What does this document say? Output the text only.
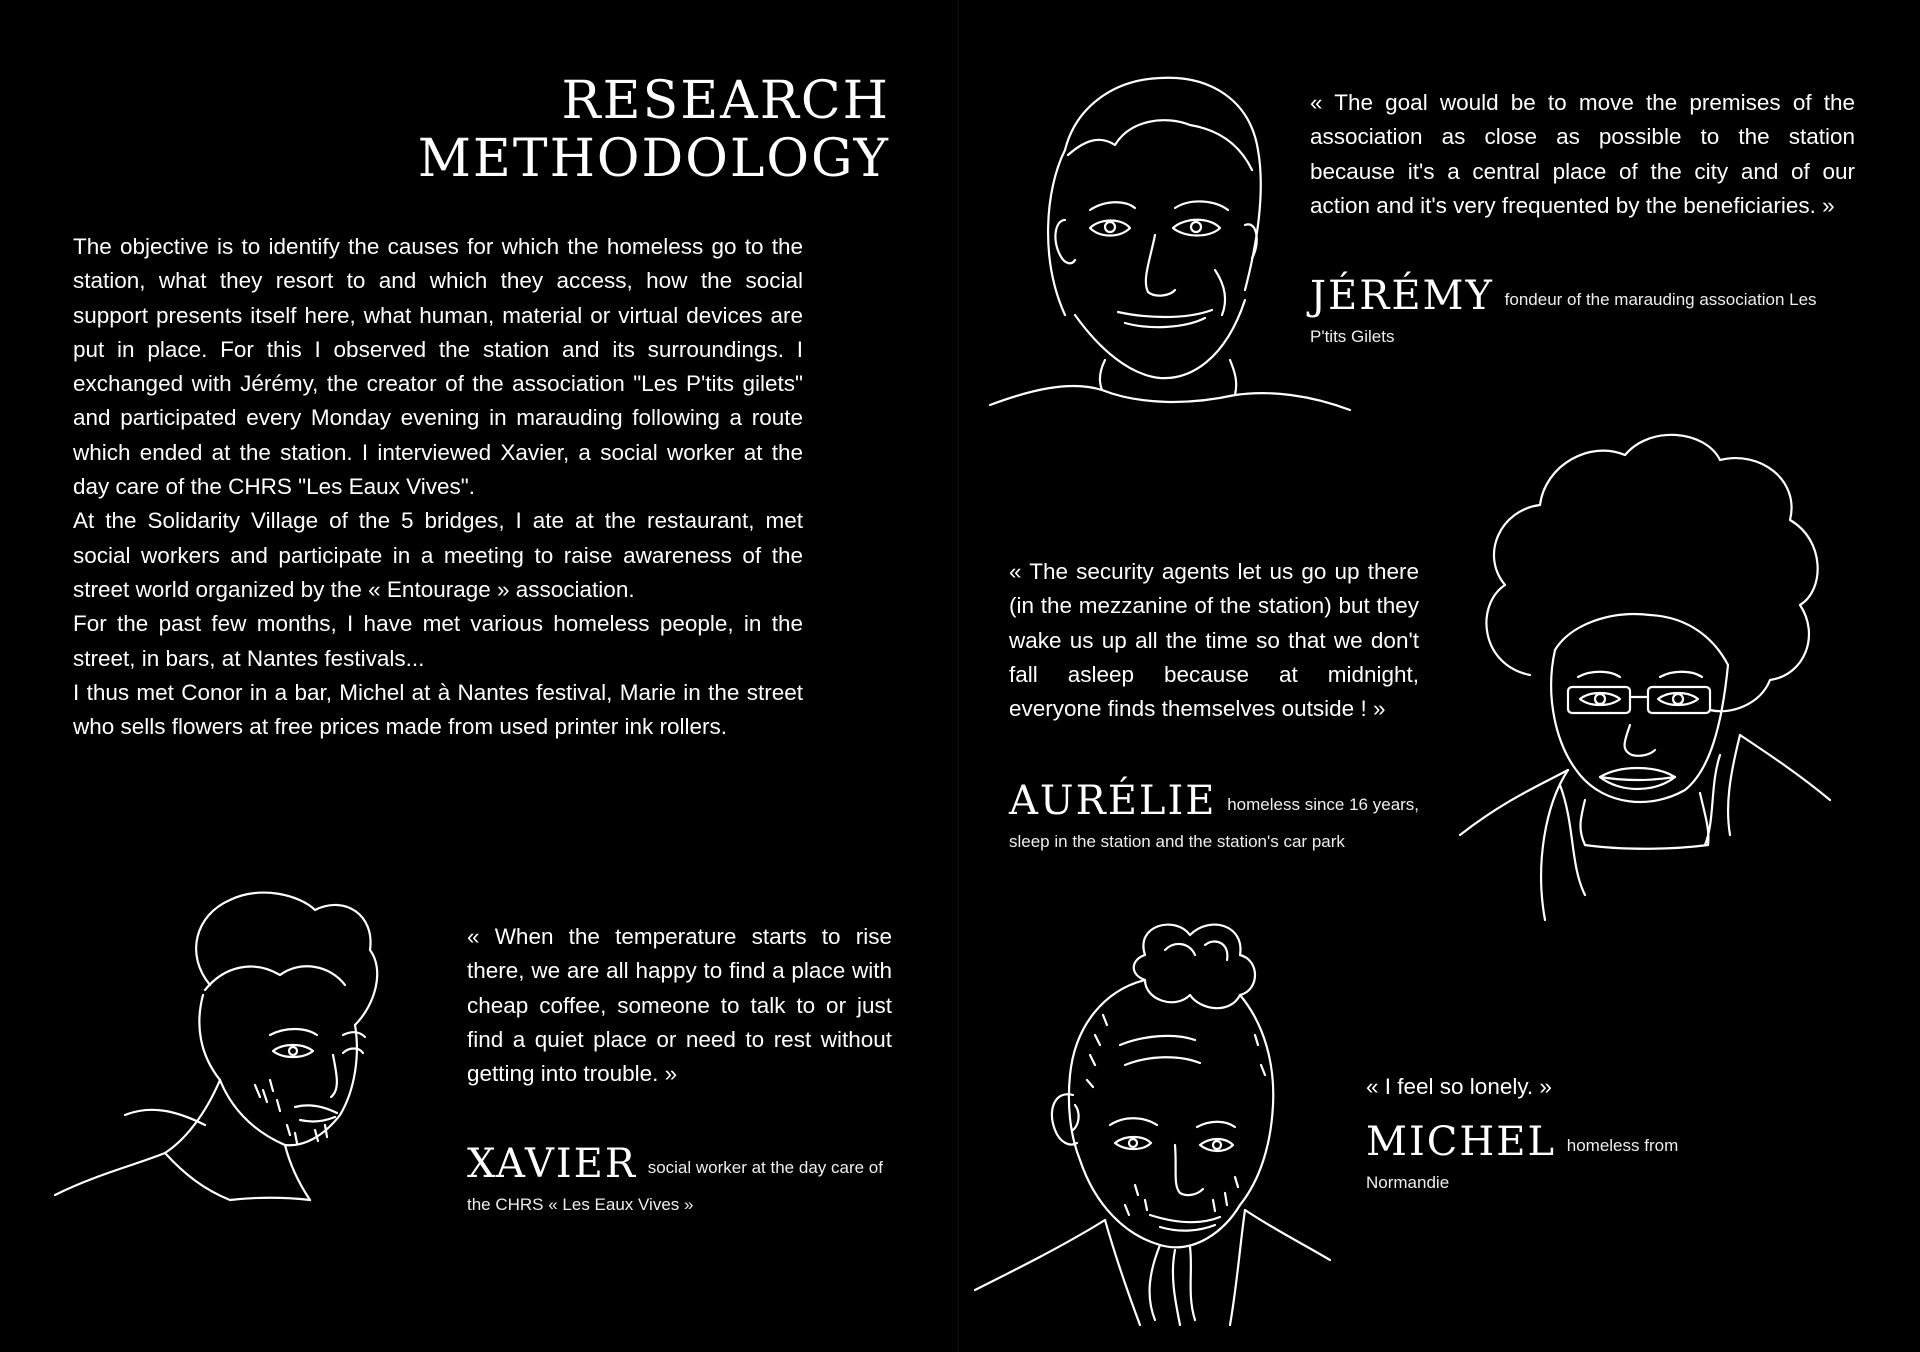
RESEARCH
METHODOLOGY

The objective is to identify the causes for which the homeless go to the station, what they resort to and which they access, how the social support presents itself here, what human, material or virtual devices are put in place. For this I observed the station and its surroundings. I exchanged with Jérémy, the creator of the association "Les P'tits gilets" and participated every Monday evening in marauding following a route which ended at the station. I interviewed Xavier, a social worker at the day care of the CHRS "Les Eaux Vives".

At the Solidarity Village of the 5 bridges, I ate at the restaurant, met social workers and participate in a meeting to raise awareness of the street world organized by the « Entourage » association.

For the past few months, I have met various homeless people, in the street, in bars, at Nantes festivals...

I thus met Conor in a bar, Michel at à Nantes festival, Marie in the street who sells flowers at free prices made from used printer ink rollers.

« The goal would be to move the premises of the association as close as possible to the station because it's a central place of the city and of our action and it's very frequented by the beneficiaries. »
JÉRÉMY fondeur of the marauding association Les P'tits Gilets
« The security agents let us go up there (in the mezzanine of the station) but they wake us up all the time so that we don't fall asleep because at midnight, everyone finds themselves outside ! »
AURÉLIE homeless since 16 years, sleep in the station and the station's car park
« When the temperature starts to rise there, we are all happy to find a place with cheap coffee, someone to talk to or just find a quiet place or need to rest without getting into trouble. »
XAVIER social worker at the day care of the CHRS « Les Eaux Vives »
« I feel so lonely. »
MICHEL homeless from Normandie
